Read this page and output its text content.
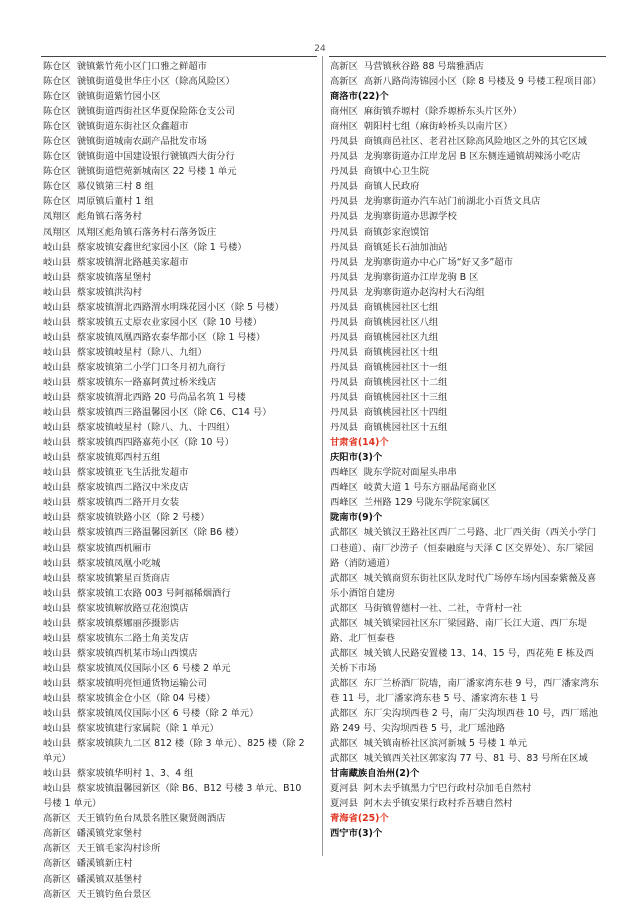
24
陈仓区  虢镇紫竹苑小区门口雅之鲜超市
陈仓区  虢镇街道曼世华庄小区（除高风险区）
陈仓区  虢镇街道紫竹园小区
陈仓区  虢镇街道西街社区华夏保险陈仓支公司
陈仓区  虢镇街道东街社区众鑫超市
陈仓区  虢镇街道城南农副产品批发市场
陈仓区  虢镇街道中国建设银行虢镇西大街分行
陈仓区  虢镇街道恺菀新城南区 22 号楼 1 单元
陈仓区  慕仪镇第三村 8 组
陈仓区  周原镇后董村 1 组
凤翔区  彪角镇石落务村
凤翔区  凤翔区彪角镇石落务村石落务饭庄
岐山县  蔡家坡镇安鑫世纪家园小区（除 1 号楼）
岐山县  蔡家坡镇渭北路越美家超市
岐山县  蔡家坡镇落星堡村
岐山县  蔡家坡镇洪沟村
岐山县  蔡家坡镇渭北西路渭水明珠花园小区（除 5 号楼）
岐山县  蔡家坡镇五丈原农业家园小区（除 10 号楼）
岐山县  蔡家坡镇凤凰西路农泰华都小区（除 1 号楼）
岐山县  蔡家坡镇岐星村（除八、九组）
岐山县  蔡家坡镇第二小学门口冬月初九商行
岐山县  蔡家坡镇东一路嘉阿黄过桥米线店
岐山县  蔡家坡镇渭北西路 20 号尚品名筑 1 号楼
岐山县  蔡家坡镇西三路温馨园小区（除 C6、C14 号）
岐山县  蔡家坡镇岐星村（除八、九、十四组）
岐山县  蔡家坡镇西四路嘉苑小区（除 10 号）
岐山县  蔡家坡镇郑西村五组
岐山县  蔡家坡镇亚飞生活批发超市
岐山县  蔡家坡镇西二路汉中米皮店
岐山县  蔡家坡镇西二路开月女装
岐山县  蔡家坡镇铁路小区（除 2 号楼）
岐山县  蔡家坡镇西三路温馨园新区（除 B6 楼）
岐山县  蔡家坡镇西机厢市
岐山县  蔡家坡镇凤凰小吃城
岐山县  蔡家坡镇繁星百货商店
岐山县  蔡家坡镇工农路 003 号阿福稀烟酒行
岐山县  蔡家坡镇解放路豆花泡馍店
岐山县  蔡家坡镇蔡娜丽莎摄影店
岐山县  蔡家坡镇东二路土角美发店
岐山县  蔡家坡镇西机某市场山西馍店
岐山县  蔡家坡镇凤仪国际小区 6 号楼 2 单元
岐山县  蔡家坡镇明亮恒通货物运输公司
岐山县  蔡家坡镇金仓小区（除 04 号楼）
岐山县  蔡家坡镇凤仪国际小区 6 号楼（除 2 单元）
岐山县  蔡家坡镇建行家属院（除 1 单元）
岐山县  蔡家坡镇陕九二区 812 楼（除 3 单元）、825 楼（除 2 单元）
岐山县  蔡家坡镇华明村 1、3、4 组
岐山县  蔡家坡镇温馨园新区（除 B6、B12 号楼 3 单元、B10 号楼 1 单元）
高新区  天王镇钓鱼台凤景名胜区聚贤阁酒店
高新区  磻溪镇党家堡村
高新区  天王镇毛家沟村诊所
高新区  磻溪镇新庄村
高新区  磻溪镇双基堡村
高新区  天王镇钓鱼台景区
高新区  马营镇秋谷路 88 号瑞雅酒店
高新区  高新八路尚涛锦园小区（除 8 号楼及 9 号楼工程项目部）
商洛市(22)个
商州区  麻街镇乔塬村（除乔塬桥东头片区外）
商州区  朝阳村七组（麻街岭桥头以南片区）
丹凤县  商镇商邑社区、老君社区除高风险地区之外的其它区域
丹凤县  龙驹寨街道办江岸龙居 B 区东侧连通镇胡辣汤小吃店
丹凤县  商镇中心卫生院
丹凤县  商镇人民政府
丹凤县  龙驹寨街道办汽车站门前湖北小百货文具店
丹凤县  龙驹寨街道办思源学校
丹凤县  商镇彭家泡馍馆
丹凤县  商镇延长石油加油站
丹凤县  龙驹寨街道办中心广场“好又多”超市
丹凤县  龙驹寨街道办江岸龙驹 B 区
丹凤县  龙驹寨街道办赵沟村大石沟组
丹凤县  商镇桃园社区七组
丹凤县  商镇桃园社区八组
丹凤县  商镇桃园社区九组
丹凤县  商镇桃园社区十组
丹凤县  商镇桃园社区十一组
丹凤县  商镇桃园社区十二组
丹凤县  商镇桃园社区十三组
丹凤县  商镇桃园社区十四组
丹凤县  商镇桃园社区十五组
甘肃省(14)个
庆阳市(3)个
西峰区  陇东学院对面屋头串串
西峰区  岐黄大道 1 号东方丽晶尾商业区
西峰区  兰州路 129 号陇东学院家属区
陇南市(9)个
武都区  城关镇汉王路社区西厂二号路、北厂西关街（西关小学门口巷道）、南厂沙涝子（恒泰融庭与天泽 C 区交界处）、东厂梁园路（消防通道）
武都区  城关镇商贸东街社区队龙时代广场停车场内国泰紫薇及喜乐小酒馆自建房
武都区  马街镇曾德村一社、二社，寺背村一社
武都区  城关镇梁园社区东厂梁园路、南厂长江大道、西厂东堤路、北厂恒泰巷
武都区  城关镇人民路安置楼 13、14、15 号，西花苑 E 栋及西关桥下市场
武都区  东厂兰桥酒厂院墙，南厂潘家湾东巷 9 号，西厂潘家湾东巷 11 号，北厂潘家湾东巷 5 号、潘家湾东巷 1 号
武都区  东厂尖沟坝西巷 2 号，南厂尖沟坝西巷 10 号，西厂瑶池路 249 号、尖沟坝西巷 5 号，北厂瑶池路
武都区  城关镇南桥社区滨河新城 5 号楼 1 单元
武都区  城关镇西关社区郭家沟 77 号、81 号、83 号所在区域
甘南藏族自治州(2)个
夏河县  阿木去乎镇黑力宁巴行政村尕加毛自然村
夏河县  阿木去乎镇安果行政村乔吾塘自然村
青海省(25)个
西宁市(3)个
